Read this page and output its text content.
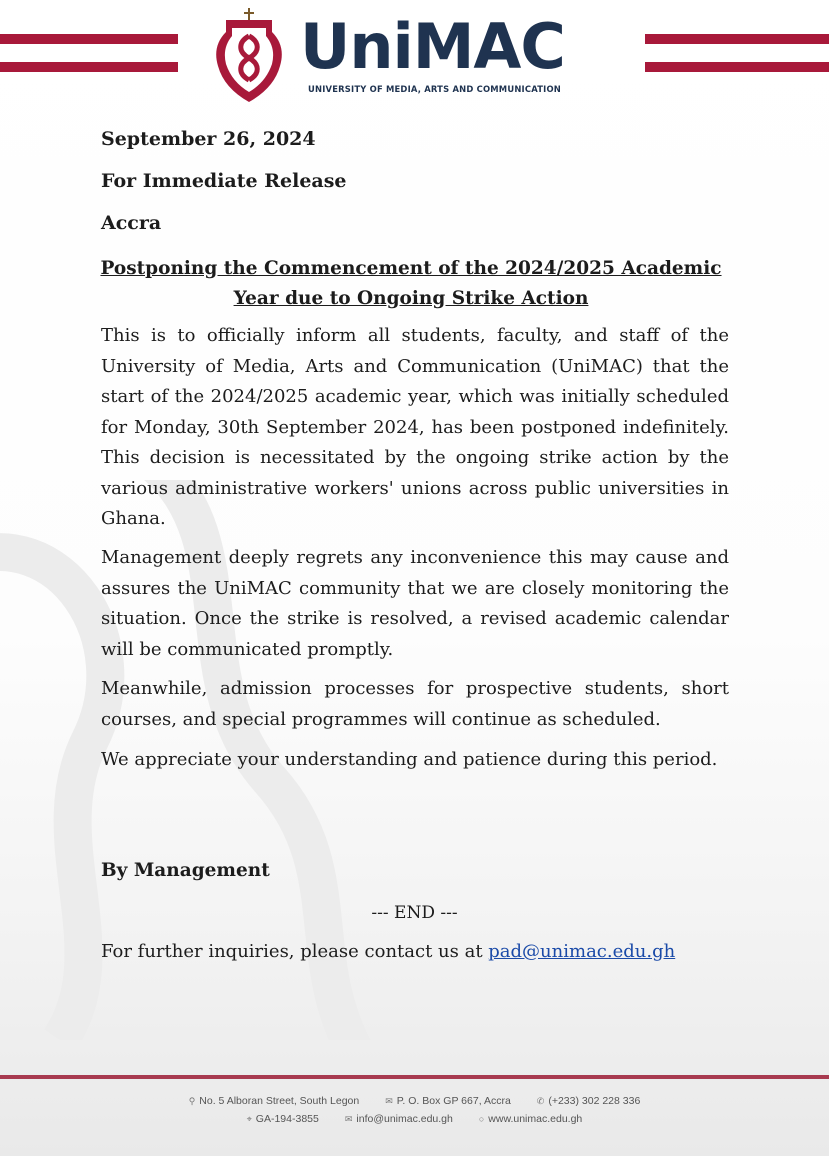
UniMAC
UNIVERSITY OF MEDIA, ARTS AND COMMUNICATION
September 26, 2024
For Immediate Release
Accra
Postponing the Commencement of the 2024/2025 Academic
Year due to Ongoing Strike Action

This is to officially inform all students, faculty, and staff of the University of Media, Arts and Communication (UniMAC) that the start of the 2024/2025 academic year, which was initially scheduled for Monday, 30th September 2024, has been postponed indefinitely. This decision is necessitated by the ongoing strike action by the various administrative workers' unions across public universities in Ghana.

Management deeply regrets any inconvenience this may cause and assures the UniMAC community that we are closely monitoring the situation. Once the strike is resolved, a revised academic calendar will be communicated promptly.

Meanwhile, admission processes for prospective students, short courses, and special programmes will continue as scheduled.

We appreciate your understanding and patience during this period.

By Management
--- END ---
For further inquiries, please contact us at pad@unimac.edu.gh
⚲ No. 5 Alboran Street, South Legon	✉ P. O. Box GP 667, Accra	✆ (+233) 302 228 336
⌖ GA-194-3855	✉ info@unimac.edu.gh	○ www.unimac.edu.gh
